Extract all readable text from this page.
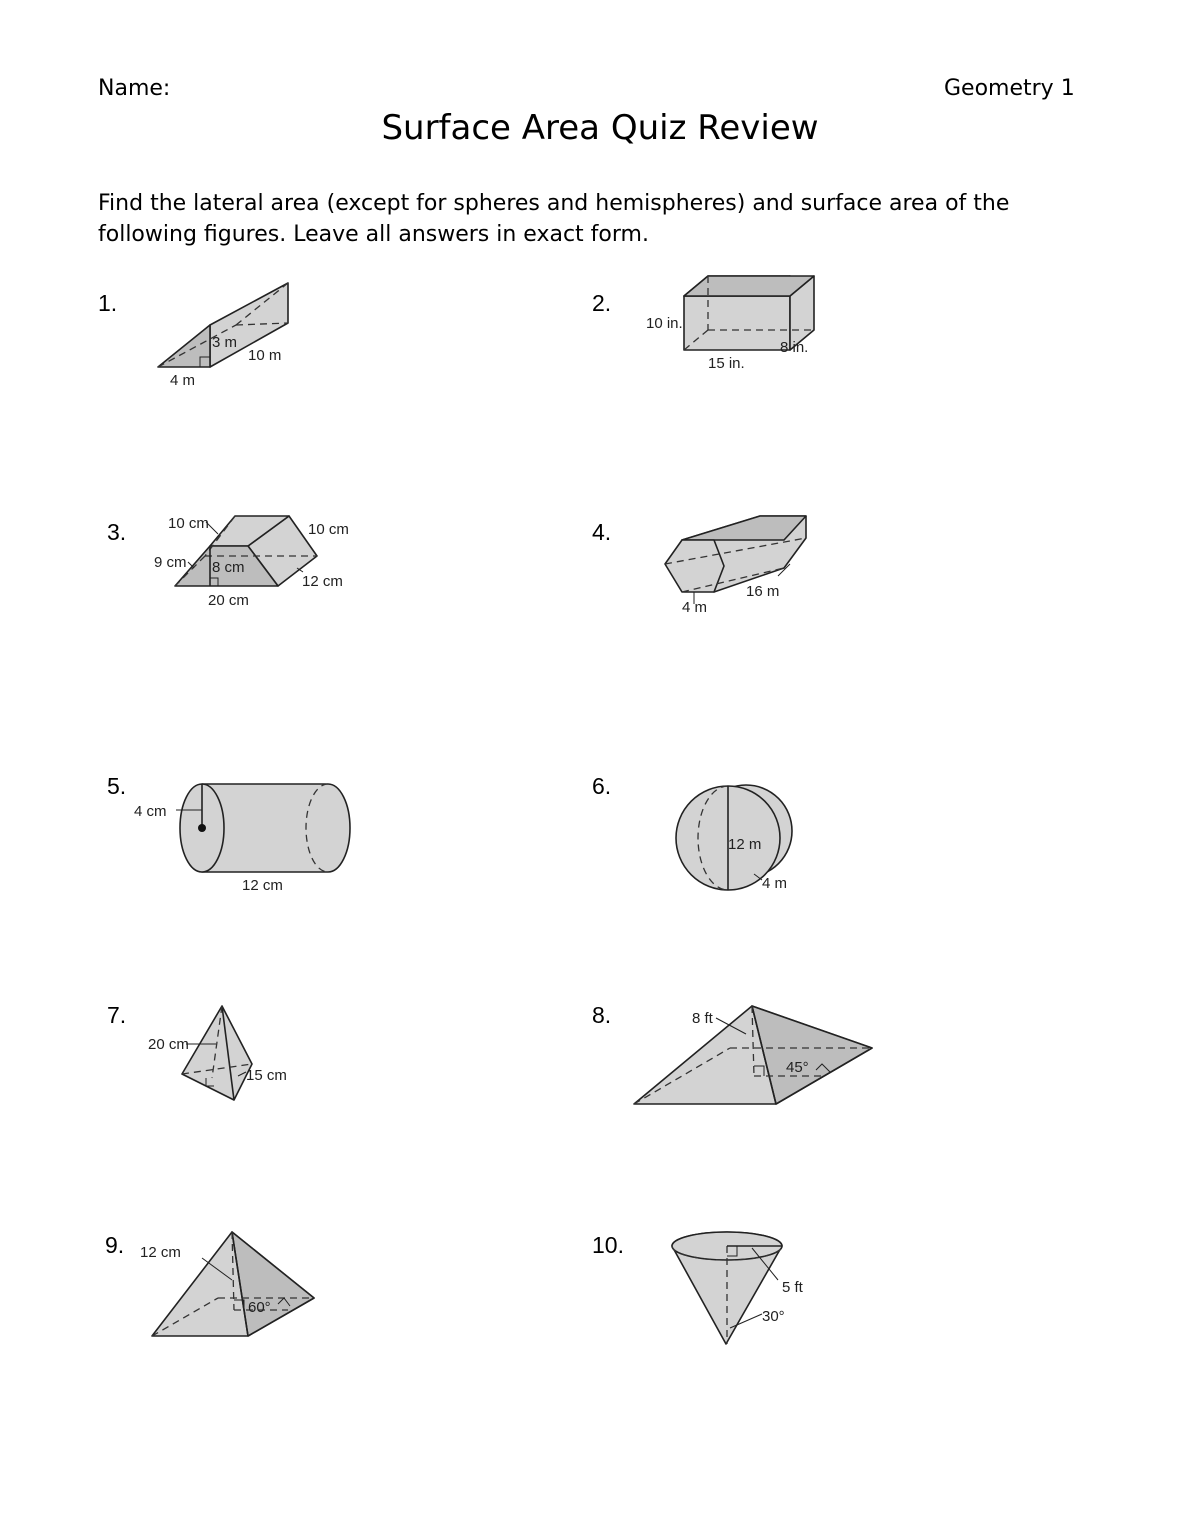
Name:	Geometry 1
Surface Area Quiz Review
Find the lateral area (except for spheres and hemispheres) and surface area of the following figures. Leave all answers in exact form.
1.
3 m
10 m
4 m
2.
10 in.
15 in.
8 in.
3.	10 cm	10 cm
9 cm 8 cm
12 cm
20 cm
4.
16 m
4 m
5.
4 cm
12 cm
6.
12 m
4 m
7.
20 cm
15 cm
8.	8 ft
45°
9. 12 cm
60°
10.
5 ft
30°
